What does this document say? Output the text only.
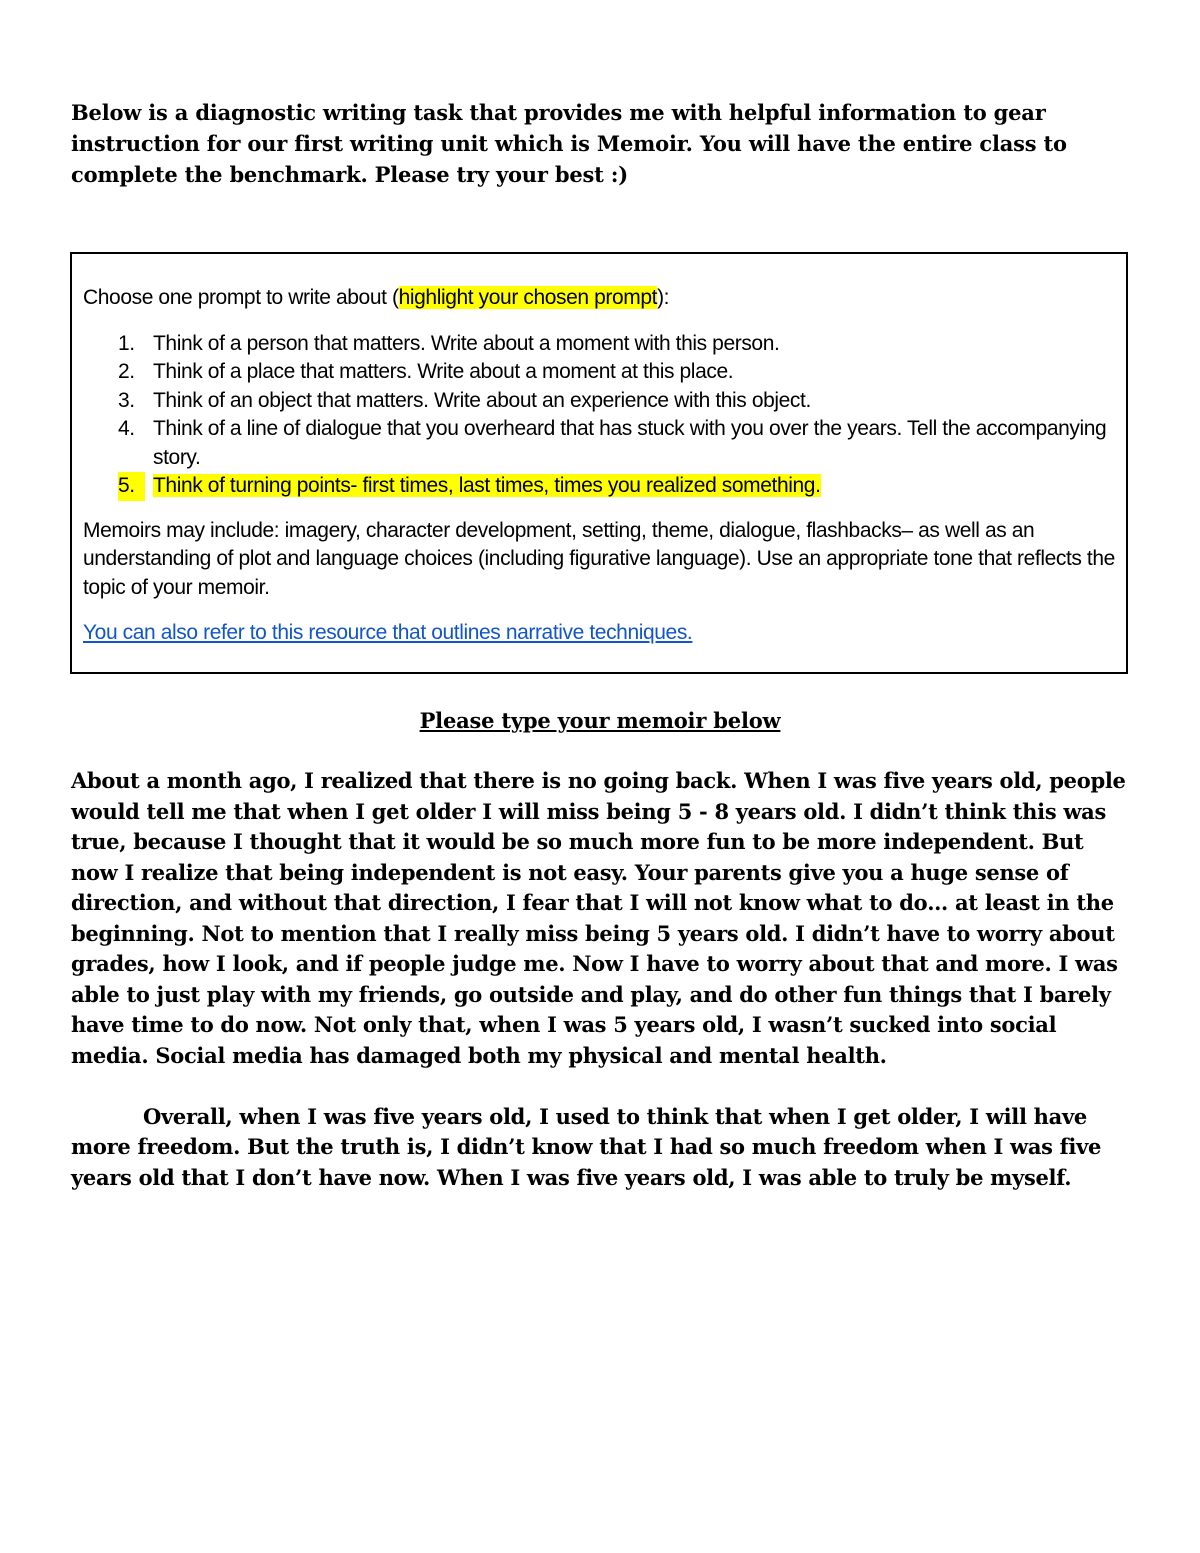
Below is a diagnostic writing task that provides me with helpful information to gear instruction for our first writing unit which is Memoir. You will have the entire class to complete the benchmark. Please try your best :)
Choose one prompt to write about (highlight your chosen prompt):
1. Think of a person that matters. Write about a moment with this person.
2. Think of a place that matters. Write about a moment at this place.
3. Think of an object that matters. Write about an experience with this object.
4. Think of a line of dialogue that you overheard that has stuck with you over the years. Tell the accompanying story.
5. Think of turning points- first times, last times, times you realized something.
Memoirs may include: imagery, character development, setting, theme, dialogue, flashbacks– as well as an understanding of plot and language choices (including figurative language). Use an appropriate tone that reflects the topic of your memoir.
You can also refer to this resource that outlines narrative techniques.
Please type your memoir below

About a month ago, I realized that there is no going back. When I was five years old, people would tell me that when I get older I will miss being 5 - 8 years old. I didn’t think this was true, because I thought that it would be so much more fun to be more independent. But now I realize that being independent is not easy. Your parents give you a huge sense of direction, and without that direction, I fear that I will not know what to do… at least in the beginning. Not to mention that I really miss being 5 years old. I didn’t have to worry about grades, how I look, and if people judge me. Now I have to worry about that and more. I was able to just play with my friends, go outside and play, and do other fun things that I barely have time to do now. Not only that, when I was 5 years old, I wasn’t sucked into social media. Social media has damaged both my physical and mental health.

Overall, when I was five years old, I used to think that when I get older, I will have more freedom. But the truth is, I didn’t know that I had so much freedom when I was five years old that I don’t have now. When I was five years old, I was able to truly be myself.
